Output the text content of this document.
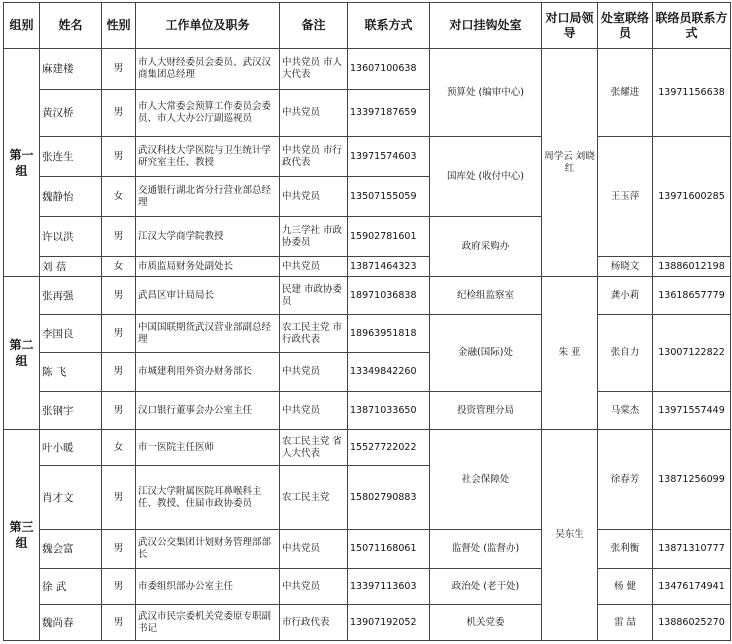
组别	姓名	性别	工作单位及职务	备注	联系方式	对口挂钩处室	对口局领导	处室联络员	联络员联系方式
第一组	麻建楼	男	市人大财经委员会委员、武汉汉商集团总经理	中共党员 市人大代表	13607100638	预算处 (编审中心)	周学云 刘晓红	张耀进	13971156638
	黄汉桥	男	市人大常委会预算工作委员会委员、市人大办公厅副巡视员	中共党员	13397187659				
	张连生	男	武汉科技大学医院与卫生统计学研究室主任、教授	中共党员 市行政代表	13971574603	国库处 (收付中心)		王玉萍	13971600285
	魏静怡	女	交通银行湖北省分行营业部总经理	中共党员	13507155059				
	许以洪	男	江汉大学商学院教授	九三学社 市政协委员	15902781601	政府采购办			
	刘 蓓	女	市质监局财务处副处长	中共党员	13871464323			杨晓文	13886012198
第二组	张再强	男	武昌区审计局局长	民建 市政协委员	18971036838	纪检组监察室	朱 亚	龚小莉	13618657779
	李国良	男	中国国联期货武汉营业部副总经理	农工民主党 市行政代表	18963951818	金融(国际)处		张自力	13007122822
	陈 飞	男	市城建利用外资办财务部长	中共党员	13349842260				
	张钢宇	男	汉口银行董事会办公室主任	中共党员	13871033650	投资管理分局		马棠杰	13971557449
第三组	叶小暖	女	市一医院主任医师	农工民主党 省人大代表	15527722022	社会保障处	吴东生	徐春芳	13871256099
	肖才文	男	江汉大学附属医院耳鼻喉科主任、教授、住届市政协委员	农工民主党	15802790883				
	魏会富	男	武汉公交集团计划财务管理部部长	中共党员	15071168061	监督处 (监督办)		张利衡	13871310777
	徐 武	男	市委组织部办公室主任	中共党员	13397113603	政治处 (老干处)		杨 健	13476174941
	魏尚春	男	武汉市民宗委机关党委原专职副书记	市行政代表	13907192052	机关党委		雷 喆	13886025270
